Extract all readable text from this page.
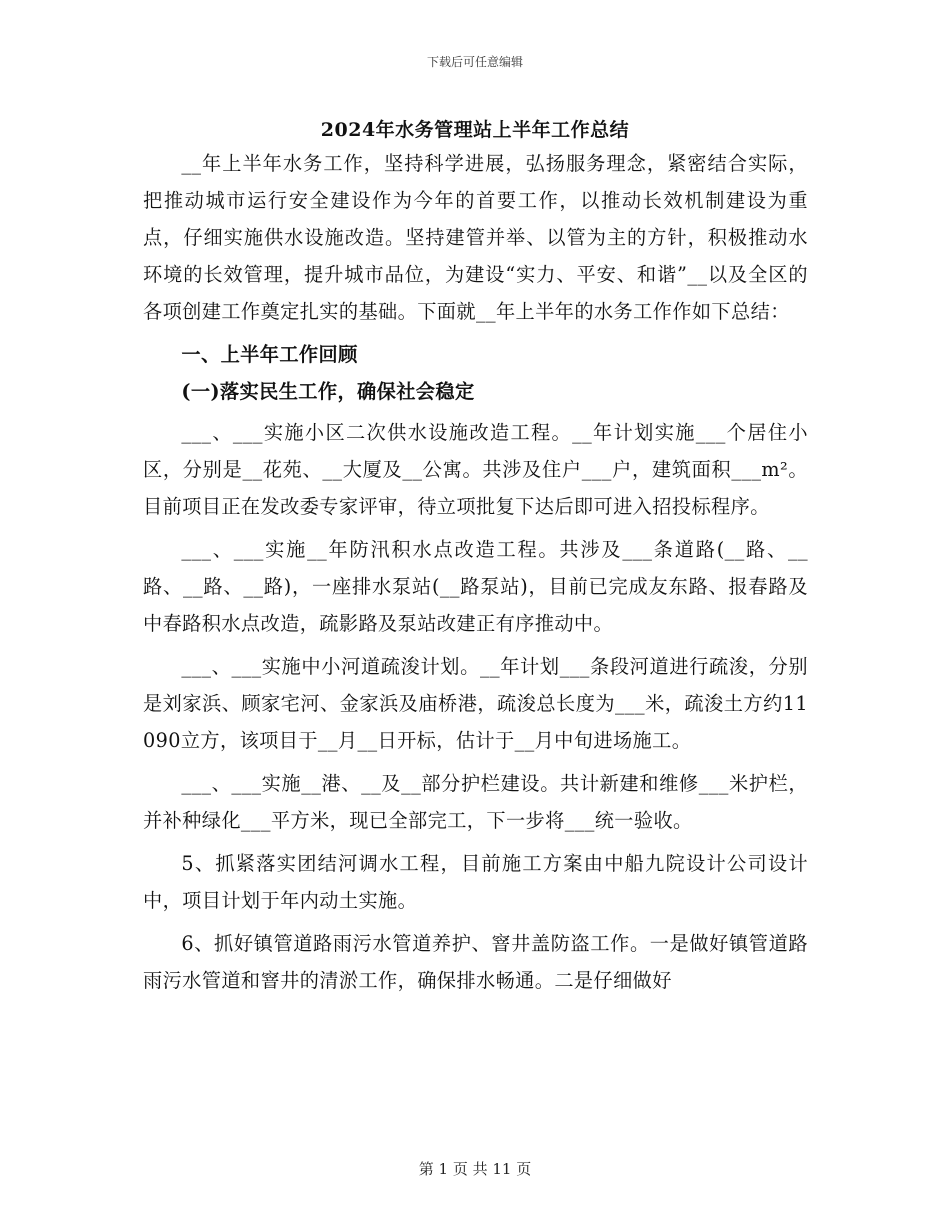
下载后可任意编辑
2024年水务管理站上半年工作总结

__年上半年水务工作，坚持科学进展，弘扬服务理念，紧密结合实际，把推动城市运行安全建设作为今年的首要工作，以推动长效机制建设为重点，仔细实施供水设施改造。坚持建管并举、以管为主的方针，积极推动水环境的长效管理，提升城市品位，为建设“实力、平安、和谐”__以及全区的各项创建工作奠定扎实的基础。下面就__年上半年的水务工作作如下总结：

一、上半年工作回顾

(一)落实民生工作，确保社会稳定

___、___实施小区二次供水设施改造工程。__年计划实施___个居住小区，分别是__花苑、__大厦及__公寓。共涉及住户___户，建筑面积___m²。目前项目正在发改委专家评审，待立项批复下达后即可进入招投标程序。

___、___实施__年防汛积水点改造工程。共涉及___条道路(__路、__路、__路、__路)，一座排水泵站(__路泵站)，目前已完成友东路、报春路及中春路积水点改造，疏影路及泵站改建正有序推动中。

___、___实施中小河道疏浚计划。__年计划___条段河道进行疏浚，分别是刘家浜、顾家宅河、金家浜及庙桥港，疏浚总长度为___米，疏浚土方约11090立方，该项目于__月__日开标，估计于__月中旬进场施工。

___、___实施__港、__及__部分护栏建设。共计新建和维修___米护栏，并补种绿化___平方米，现已全部完工，下一步将___统一验收。

5、抓紧落实团结河调水工程，目前施工方案由中船九院设计公司设计中，项目计划于年内动土实施。

6、抓好镇管道路雨污水管道养护、窨井盖防盗工作。一是做好镇管道路雨污水管道和窨井的清淤工作，确保排水畅通。二是仔细做好

第 1 页 共 11 页
